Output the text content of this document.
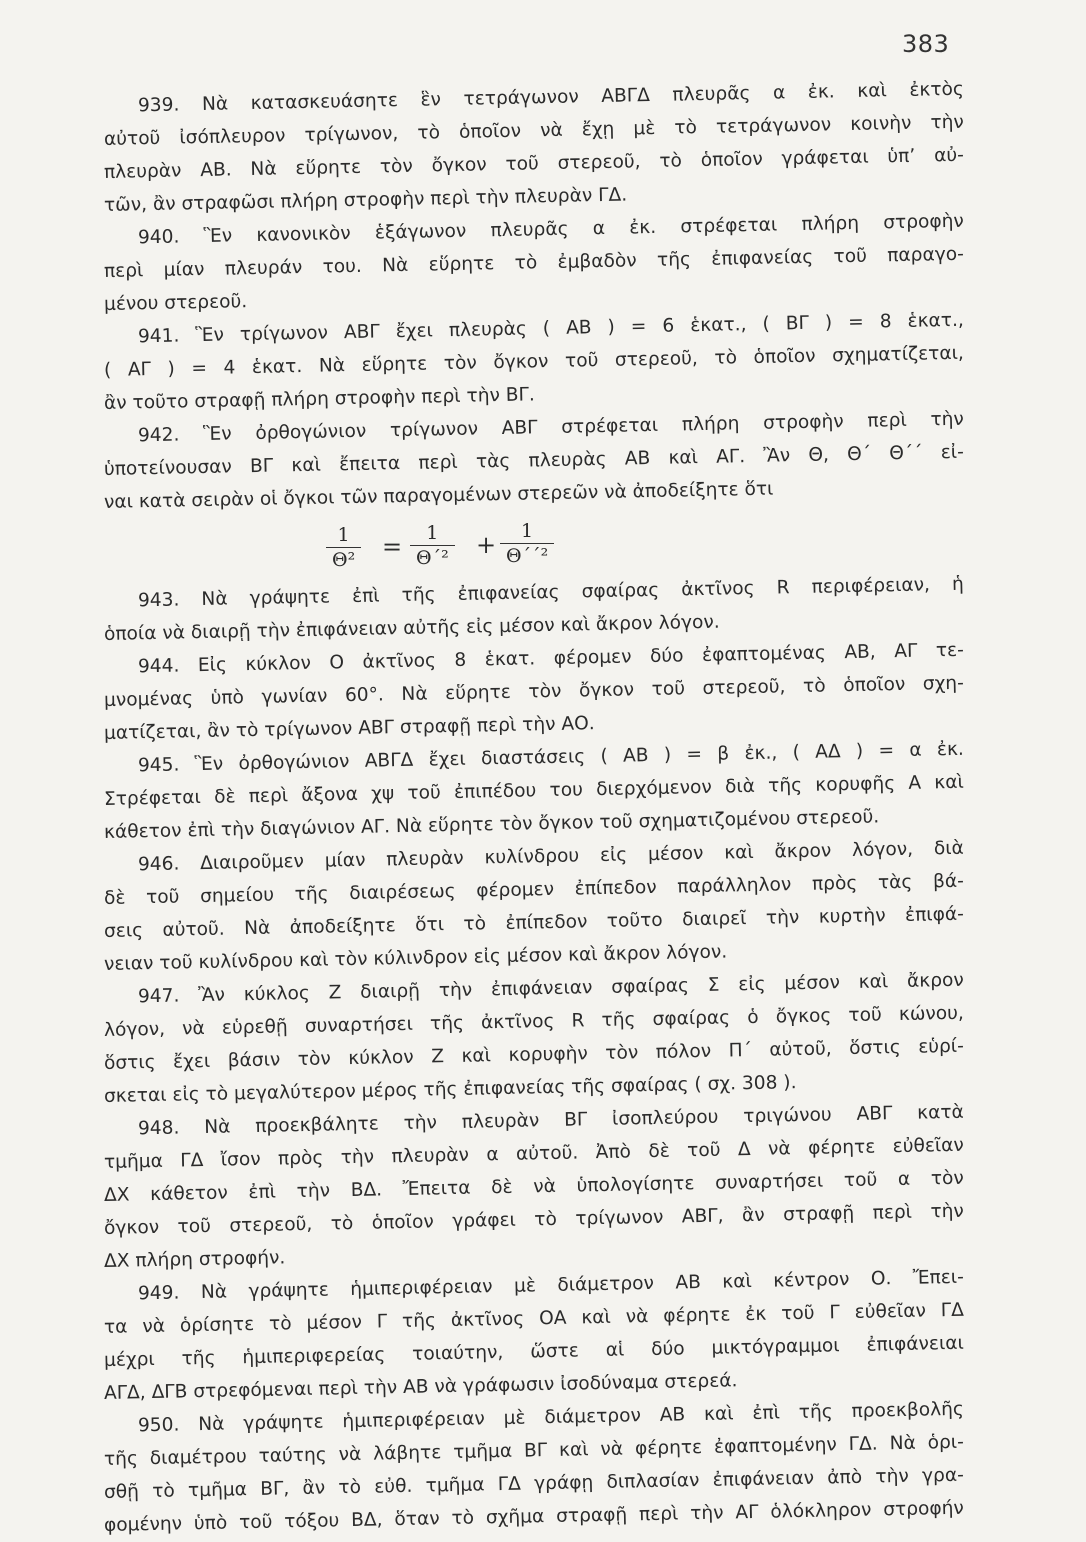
383
939. Νὰ κατασκευάσητε ἓν τετράγωνον ΑΒΓΔ πλευρᾶς α ἐκ. καὶ ἐκτὸς
αὐτοῦ ἰσόπλευρον τρίγωνον, τὸ ὁποῖον νὰ ἔχῃ μὲ τὸ τετράγωνον κοινὴν τὴν
πλευρὰν ΑΒ. Νὰ εὕρητε τὸν ὄγκον τοῦ στερεοῦ, τὸ ὁποῖον γράφεται ὑπ’ αὐ-
τῶν, ἂν στραφῶσι πλήρη στροφὴν περὶ τὴν πλευρὰν ΓΔ.
940. Ἓν κανονικὸν ἑξάγωνον πλευρᾶς α ἐκ. στρέφεται πλήρη στροφὴν
περὶ μίαν πλευράν του. Νὰ εὕρητε τὸ ἐμβαδὸν τῆς ἐπιφανείας τοῦ παραγο-
μένου στερεοῦ.
941. Ἓν τρίγωνον ΑΒΓ ἔχει πλευρὰς ( ΑΒ ) = 6 ἑκατ., ( ΒΓ ) = 8 ἑκατ.,
( ΑΓ ) = 4 ἑκατ. Νὰ εὕρητε τὸν ὄγκον τοῦ στερεοῦ, τὸ ὁποῖον σχηματίζεται,
ἂν τοῦτο στραφῇ πλήρη στροφὴν περὶ τὴν ΒΓ.
942. Ἓν ὀρθογώνιον τρίγωνον ΑΒΓ στρέφεται πλήρη στροφὴν περὶ τὴν
ὑποτείνουσαν ΒΓ καὶ ἔπειτα περὶ τὰς πλευρὰς ΑΒ καὶ ΑΓ. Ἂν Θ, Θ΄ Θ΄΄ εἰ-
ναι κατὰ σειρὰν οἱ ὄγκοι τῶν παραγομένων στερεῶν νὰ ἀποδείξητε ὅτι
1
Θ² =	1
Θ΄² +	1
Θ΄΄²
943. Νὰ γράψητε ἐπὶ τῆς ἐπιφανείας σφαίρας ἀκτῖνος R περιφέρειαν, ἡ
ὁποία νὰ διαιρῇ τὴν ἐπιφάνειαν αὐτῆς εἰς μέσον καὶ ἄκρον λόγον.
944. Εἰς κύκλον Ο ἀκτῖνος 8 ἑκατ. φέρομεν δύο ἐφαπτομένας ΑΒ, ΑΓ τε-
μνομένας ὑπὸ γωνίαν 60°. Νὰ εὕρητε τὸν ὄγκον τοῦ στερεοῦ, τὸ ὁποῖον σχη-
ματίζεται, ἂν τὸ τρίγωνον ΑΒΓ στραφῇ περὶ τὴν ΑΟ.
945. Ἓν ὀρθογώνιον ΑΒΓΔ ἔχει διαστάσεις ( ΑΒ ) = β ἐκ., ( ΑΔ ) = α ἐκ.
Στρέφεται δὲ περὶ ἄξονα χψ τοῦ ἐπιπέδου του διερχόμενον διὰ τῆς κορυφῆς Α καὶ
κάθετον ἐπὶ τὴν διαγώνιον ΑΓ. Νὰ εὕρητε τὸν ὄγκον τοῦ σχηματιζομένου στερεοῦ.
946. Διαιροῦμεν μίαν πλευρὰν κυλίνδρου εἰς μέσον καὶ ἄκρον λόγον, διὰ
δὲ τοῦ σημείου τῆς διαιρέσεως φέρομεν ἐπίπεδον παράλληλον πρὸς τὰς βά-
σεις αὐτοῦ. Νὰ ἀποδείξητε ὅτι τὸ ἐπίπεδον τοῦτο διαιρεῖ τὴν κυρτὴν ἐπιφά-
νειαν τοῦ κυλίνδρου καὶ τὸν κύλινδρον εἰς μέσον καὶ ἄκρον λόγον.
947. Ἂν κύκλος Ζ διαιρῇ τὴν ἐπιφάνειαν σφαίρας Σ εἰς μέσον καὶ ἄκρον
λόγον, νὰ εὑρεθῇ συναρτήσει τῆς ἀκτῖνος R τῆς σφαίρας ὁ ὄγκος τοῦ κώνου,
ὅστις ἔχει βάσιν τὸν κύκλον Ζ καὶ κορυφὴν τὸν πόλον Π΄ αὐτοῦ, ὅστις εὑρί-
σκεται εἰς τὸ μεγαλύτερον μέρος τῆς ἐπιφανείας τῆς σφαίρας ( σχ. 308 ).
948. Νὰ προεκβάλητε τὴν πλευρὰν ΒΓ ἰσοπλεύρου τριγώνου ΑΒΓ κατὰ
τμῆμα ΓΔ ἴσον πρὸς τὴν πλευρὰν α αὐτοῦ. Ἀπὸ δὲ τοῦ Δ νὰ φέρητε εὐθεῖαν
ΔΧ κάθετον ἐπὶ τὴν ΒΔ. Ἔπειτα δὲ νὰ ὑπολογίσητε συναρτήσει τοῦ α τὸν
ὄγκον τοῦ στερεοῦ, τὸ ὁποῖον γράφει τὸ τρίγωνον ΑΒΓ, ἂν στραφῇ περὶ τὴν
ΔΧ πλήρη στροφήν.
949. Νὰ γράψητε ἡμιπεριφέρειαν μὲ διάμετρον ΑΒ καὶ κέντρον Ο. Ἔπει-
τα νὰ ὁρίσητε τὸ μέσον Γ τῆς ἀκτῖνος ΟΑ καὶ νὰ φέρητε ἐκ τοῦ Γ εὐθεῖαν ΓΔ
μέχρι τῆς ἡμιπεριφερείας τοιαύτην, ὥστε αἱ δύο μικτόγραμμοι ἐπιφάνειαι
ΑΓΔ, ΔΓΒ στρεφόμεναι περὶ τὴν ΑΒ νὰ γράφωσιν ἰσοδύναμα στερεά.
950. Νὰ γράψητε ἡμιπεριφέρειαν μὲ διάμετρον ΑΒ καὶ ἐπὶ τῆς προεκβολῆς
τῆς διαμέτρου ταύτης νὰ λάβητε τμῆμα ΒΓ καὶ νὰ φέρητε ἐφαπτομένην ΓΔ. Νὰ ὁρι-
σθῇ τὸ τμῆμα ΒΓ, ἂν τὸ εὐθ. τμῆμα ΓΔ γράφῃ διπλασίαν ἐπιφάνειαν ἀπὸ τὴν γρα-
φομένην ὑπὸ τοῦ τόξου ΒΔ, ὅταν τὸ σχῆμα στραφῇ περὶ τὴν ΑΓ ὁλόκληρον στροφήν
